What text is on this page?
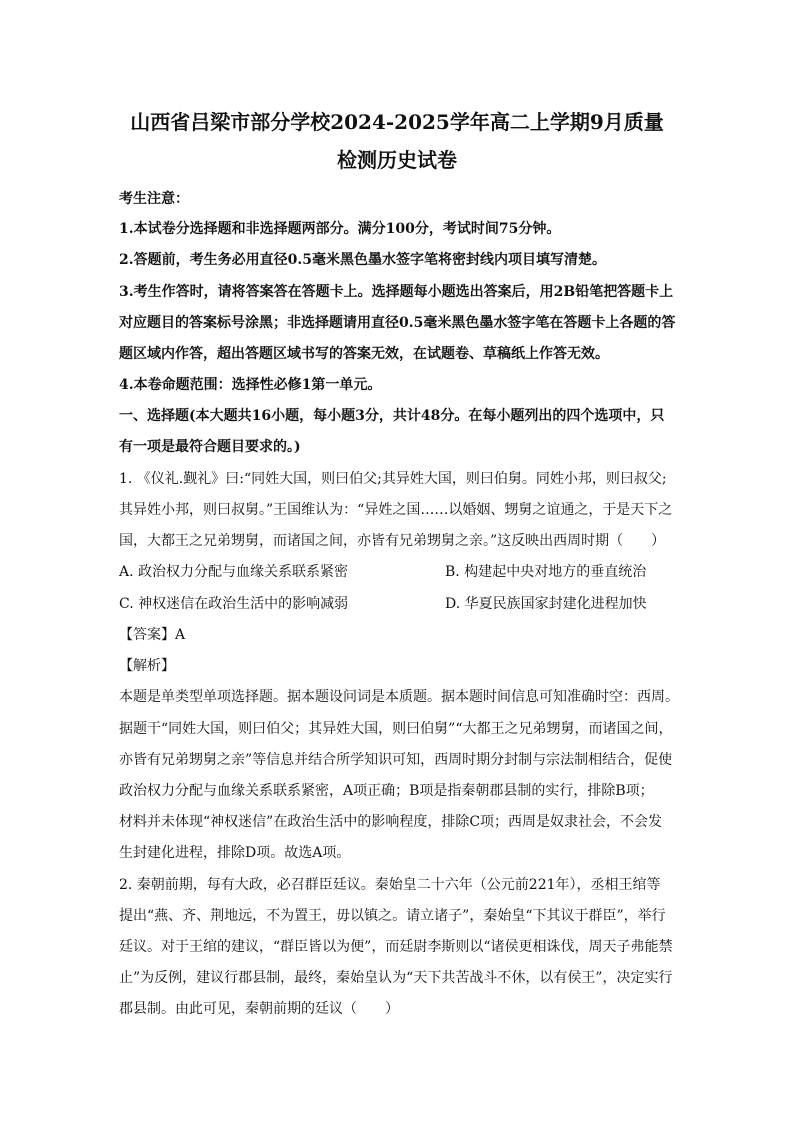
山西省吕梁市部分学校2024-2025学年高二上学期9月质量
检测历史试卷
考生注意：
1.本试卷分选择题和非选择题两部分。满分100分，考试时间75分钟。
2.答题前，考生务必用直径0.5毫米黑色墨水签字笔将密封线内项目填写清楚。
3.考生作答时，请将答案答在答题卡上。选择题每小题选出答案后，用2B铅笔把答题卡上
对应题目的答案标号涂黑；非选择题请用直径0.5毫米黑色墨水签字笔在答题卡上各题的答
题区域内作答，超出答题区域书写的答案无效，在试题卷、草稿纸上作答无效。
4.本卷命题范围：选择性必修1第一单元。
一、选择题(本大题共16小题，每小题3分，共计48分。在每小题列出的四个选项中，只
有一项是最符合题目要求的。)
1. 《仪礼.觐礼》曰:“同姓大国，则曰伯父;其异姓大国，则曰伯舅。同姓小邦，则曰叔父;
其异姓小邦，则曰叔舅。”王国维认为：“异姓之国……以婚姻、甥舅之谊通之，于是天下之
国，大都王之兄弟甥舅，而诸国之间，亦皆有兄弟甥舅之亲。”这反映出西周时期（　　）
A. 政治权力分配与血缘关系联系紧密	B. 构建起中央对地方的垂直统治
C. 神权迷信在政治生活中的影响减弱	D. 华夏民族国家封建化进程加快
【答案】A
【解析】
本题是单类型单项选择题。据本题设问词是本质题。据本题时间信息可知准确时空：西周。
据题干“同姓大国，则曰伯父；其异姓大国，则曰伯舅”“大都王之兄弟甥舅，而诸国之间，
亦皆有兄弟甥舅之亲”等信息并结合所学知识可知，西周时期分封制与宗法制相结合，促使
政治权力分配与血缘关系联系紧密，A项正确；B项是指秦朝郡县制的实行，排除B项；
材料并未体现“神权迷信”在政治生活中的影响程度，排除C项；西周是奴隶社会，不会发
生封建化进程，排除D项。故选A项。
2. 秦朝前期，每有大政，必召群臣廷议。秦始皇二十六年（公元前221年），丞相王绾等
提出“燕、齐、荆地远，不为置王，毋以镇之。请立诸子”，秦始皇“下其议于群臣”，举行
廷议。对于王绾的建议，“群臣皆以为便”，而廷尉李斯则以“诸侯更相诛伐，周天子弗能禁
止”为反例，建议行郡县制，最终，秦始皇认为“天下共苦战斗不休，以有侯王”，决定实行
郡县制。由此可见，秦朝前期的廷议（　　）
